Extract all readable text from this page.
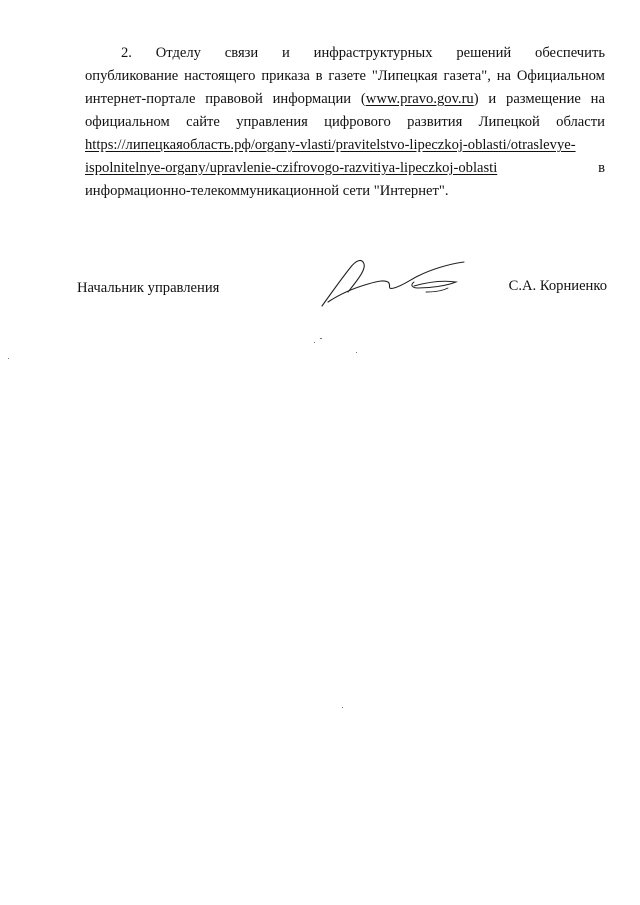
2. Отделу связи и инфраструктурных решений обеспечить
опубликование настоящего приказа в газете "Липецкая газета", на Официальном
интернет-портале правовой информации (www.pravo.gov.ru) и размещение на
официальном сайте управления цифрового развития Липецкой области
https://липецкаяобласть.рф/organy-vlasti/pravitelstvo-lipeczkoj-oblasti/otraslevye-
ispolnitelnye-organy/upravlenie-czifrovogo-razvitiya-lipeczkoj-oblasti	в
информационно-телекоммуникационной
сети
"Интернет".
Начальник управления	С.А. Корниенко
